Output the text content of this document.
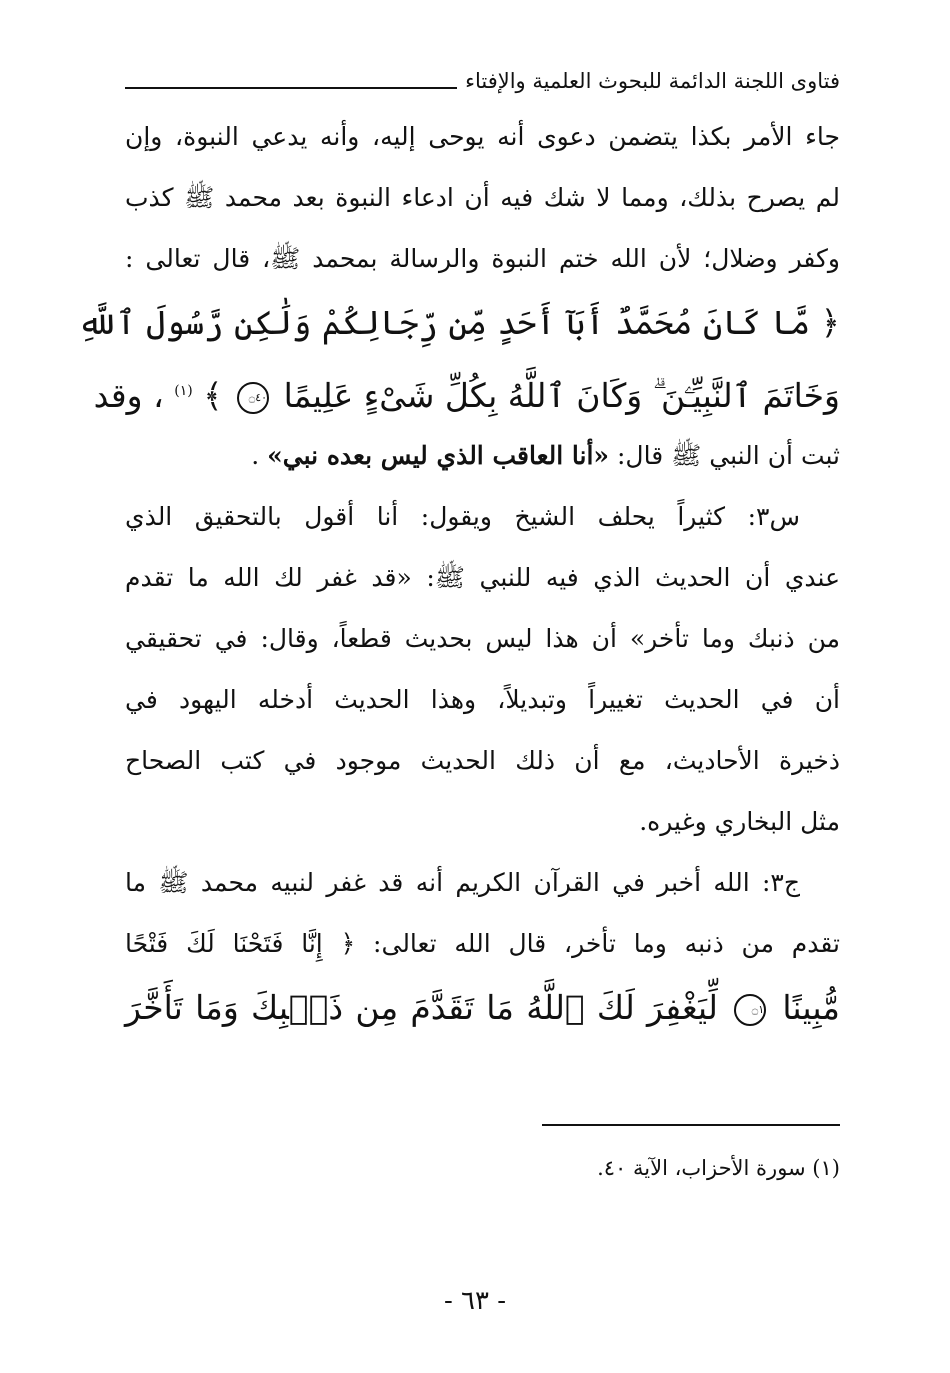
فتاوى اللجنة الدائمة للبحوث العلمية والإفتاء
جاء الأمر بكذا يتضمن دعوى أنه يوحى إليه، وأنه يدعي النبوة، وإن
لم يصرح بذلك، ومما لا شك فيه أن ادعاء النبوة بعد محمد ﷺ كذب
وكفر وضلال؛ لأن الله ختم النبوة والرسالة بمحمد ﷺ، قال تعالى :
﴿ مَّا كَانَ مُحَمَّدٌ أَبَآ أَحَدٍ مِّن رِّجَالِكُمْ وَلَٰكِن رَّسُولَ ٱللَّهِ
وَخَاتَمَ ٱلنَّبِيِّـۧنَ ۗ وَكَانَ ٱللَّهُ بِكُلِّ شَىْءٍ عَلِيمًا ۝٤٠ ﴾ $^{(١)}$ ، وقد
ثبت أن النبي ﷺ قال: «أنا العاقب الذي ليس بعده نبي» .
س٣: كثيراً يحلف الشيخ ويقول: أنا أقول بالتحقيق الذي
عندي أن الحديث الذي فيه للنبي ﷺ: «قد غفر لك الله ما تقدم
من ذنبك وما تأخر» أن هذا ليس بحديث قطعاً، وقال: في تحقيقي
أن في الحديث تغييراً وتبديلاً، وهذا الحديث أدخله اليهود في
ذخيرة الأحاديث، مع أن ذلك الحديث موجود في كتب الصحاح
مثل البخاري وغيره.
ج٣: الله أخبر في القرآن الكريم أنه قد غفر لنبيه محمد ﷺ ما
تقدم من ذنبه وما تأخر، قال الله تعالى: ﴿ إِنَّا فَتَحْنَا لَكَ فَتْحًا
مُّبِينًا ۝١ لِّيَغْفِرَ لَكَ ٱللَّهُ مَا تَقَدَّمَ مِن ذَنۢبِكَ وَمَا تَأَخَّرَ
(١) سورة الأحزاب، الآية ٤٠.
- ٦٣ -
